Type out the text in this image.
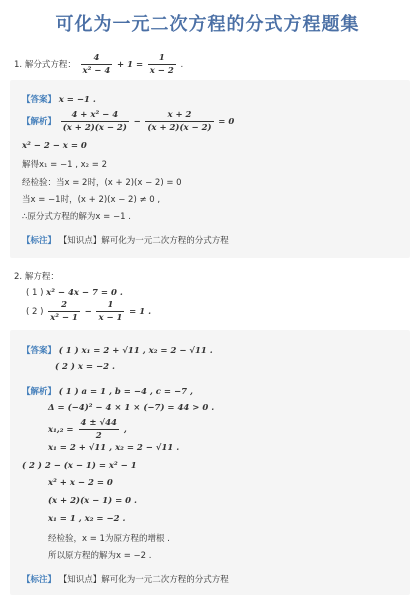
可化为一元二次方程的分式方程题集
1. 解分式方程： $\frac{4}{\text{x² − 4}} + 1 = \frac{1}{x - 2}$ .
【答案】 x = −1 .
【解析】 $\frac{\text{4 + x² − 4}}{(x + 2)(x - 2)} - \frac{x + 2}{(x + 2)(x - 2)} = 0$
x² − 2 − x = 0
解得x₁ = −1 , x₂ = 2
经检验：当x = 2时，(x + 2)(x − 2) = 0
当x = −1时，(x + 2)(x − 2) ≠ 0 ,
∴原分式方程的解为x = −1 .
【标注】 【知识点】解可化为一元二次方程的分式方程
2. 解方程：
( 1 ) x² − 4x − 7 = 0 .
( 2 ) $\frac{2}{\text{x² − 1}} - \frac{1}{x - 1} = 1$ .
【答案】 ( 1 ) x₁ = 2 + √11 , x₂ = 2 − √11 .
( 2 ) x = −2 .
【解析】 ( 1 ) a = 1 , b = −4 , c = −7 ,
Δ = (−4)² − 4 × 1 × (−7) = 44 > 0 .
$x_1,_2 = \frac{4 \pm √44}{2}$ ,
x₁ = 2 + √11 , x₂ = 2 − √11 .
( 2 ) 2 − (x − 1) = x² − 1
x² + x − 2 = 0
(x + 2)(x − 1) = 0 .
x₁ = 1 , x₂ = −2 .
经检验，x = 1为原方程的增根 .
所以原方程的解为x = −2 .
【标注】 【知识点】解可化为一元二次方程的分式方程
